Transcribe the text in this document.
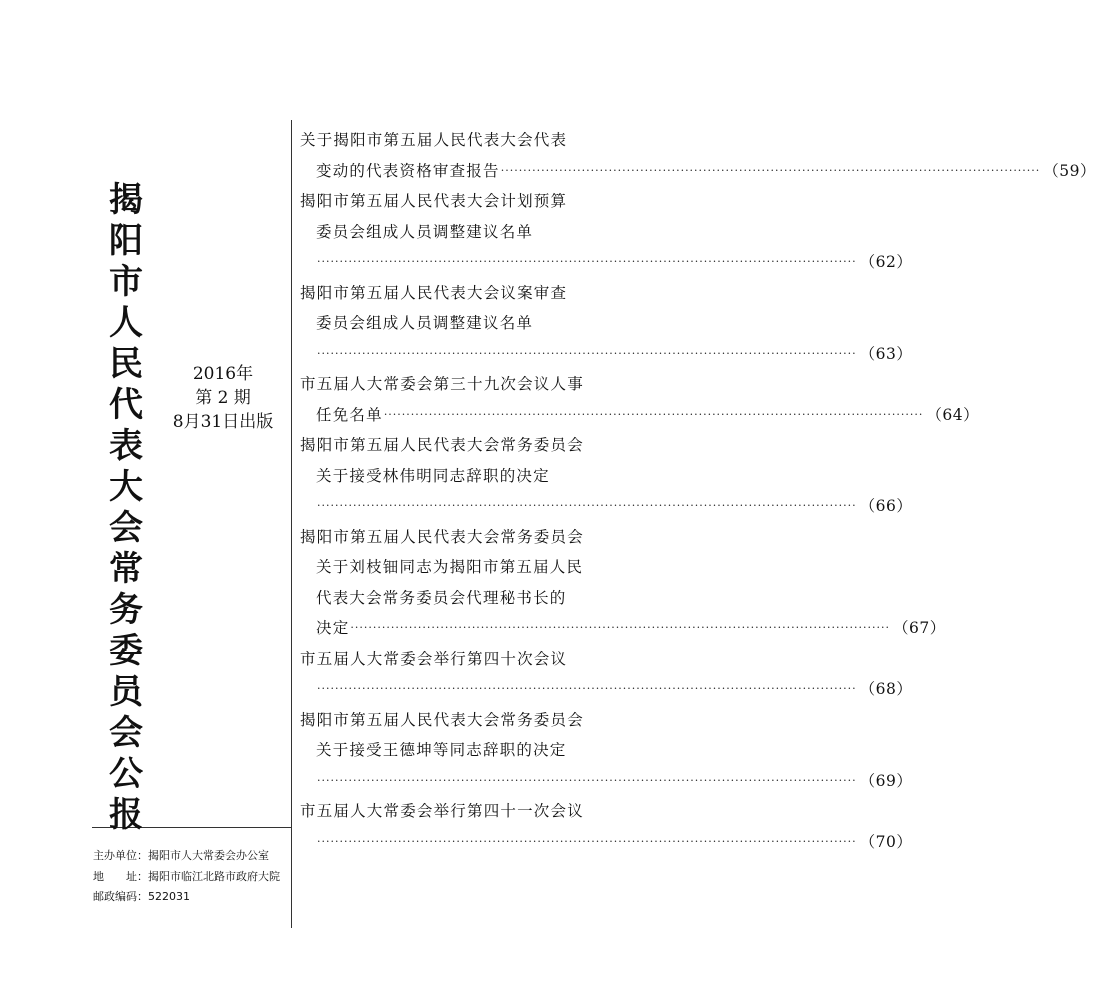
揭阳市人民代表大会常务委员会公报
2016年
第 2 期
8月31日出版
关于揭阳市第五届人民代表大会代表
变动的代表资格审查报告 ························································································································ （59）
揭阳市第五届人民代表大会计划预算
委员会组成人员调整建议名单
························································································································ （62）
揭阳市第五届人民代表大会议案审查
委员会组成人员调整建议名单
························································································································ （63）
市五届人大常委会第三十九次会议人事
任免名单 ························································································································ （64）
揭阳市第五届人民代表大会常务委员会
关于接受林伟明同志辞职的决定
························································································································ （66）
揭阳市第五届人民代表大会常务委员会
关于刘枝钿同志为揭阳市第五届人民
代表大会常务委员会代理秘书长的
决定 ························································································································ （67）
市五届人大常委会举行第四十次会议
························································································································ （68）
揭阳市第五届人民代表大会常务委员会
关于接受王德坤等同志辞职的决定
························································································································ （69）
市五届人大常委会举行第四十一次会议
························································································································ （70）
主办单位：揭阳市人大常委会办公室
地　　址：揭阳市临江北路市政府大院
邮政编码：522031
